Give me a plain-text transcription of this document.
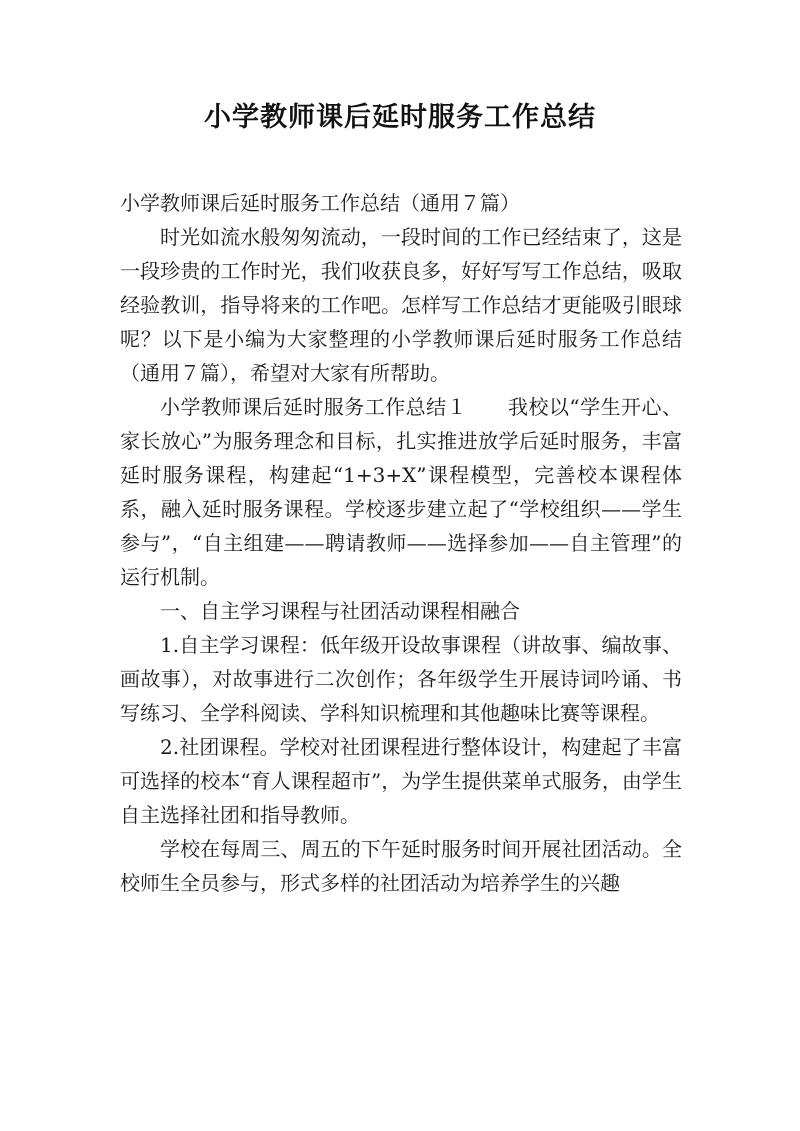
小学教师课后延时服务工作总结

小学教师课后延时服务工作总结（通用７篇）

时光如流水般匆匆流动，一段时间的工作已经结束了，这是一段珍贵的工作时光，我们收获良多，好好写写工作总结，吸取经验教训，指导将来的工作吧。怎样写工作总结才更能吸引眼球呢？以下是小编为大家整理的小学教师课后延时服务工作总结（通用７篇），希望对大家有所帮助。

小学教师课后延时服务工作总结１　　我校以“学生开心、家长放心”为服务理念和目标，扎实推进放学后延时服务，丰富延时服务课程，构建起“1+3+X”课程模型，完善校本课程体系，融入延时服务课程。学校逐步建立起了“学校组织——学生参与”，“自主组建——聘请教师——选择参加——自主管理”的运行机制。

一、自主学习课程与社团活动课程相融合

1.自主学习课程：低年级开设故事课程（讲故事、编故事、画故事），对故事进行二次创作；各年级学生开展诗词吟诵、书写练习、全学科阅读、学科知识梳理和其他趣味比赛等课程。

2.社团课程。学校对社团课程进行整体设计，构建起了丰富可选择的校本“育人课程超市”，为学生提供菜单式服务，由学生自主选择社团和指导教师。

学校在每周三、周五的下午延时服务时间开展社团活动。全校师生全员参与，形式多样的社团活动为培养学生的兴趣
